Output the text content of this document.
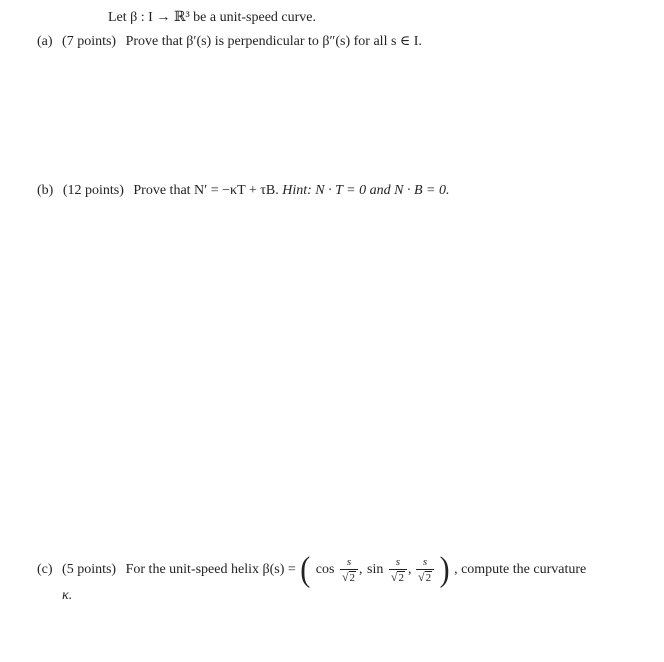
Let β : I → ℝ³ be a unit-speed curve.
(a) (7 points) Prove that β′(s) is perpendicular to β″(s) for all s ∈ I.
(b) (12 points) Prove that N′ = −κT + τB. Hint: N · T = 0 and N · B = 0.
(c) (5 points) For the unit-speed helix β(s) = ( $\cos \frac{s}{√2}$ , $\sin \frac{s}{√2}$ , $\frac{s}{√2}$ ) , compute the curvature
κ.
